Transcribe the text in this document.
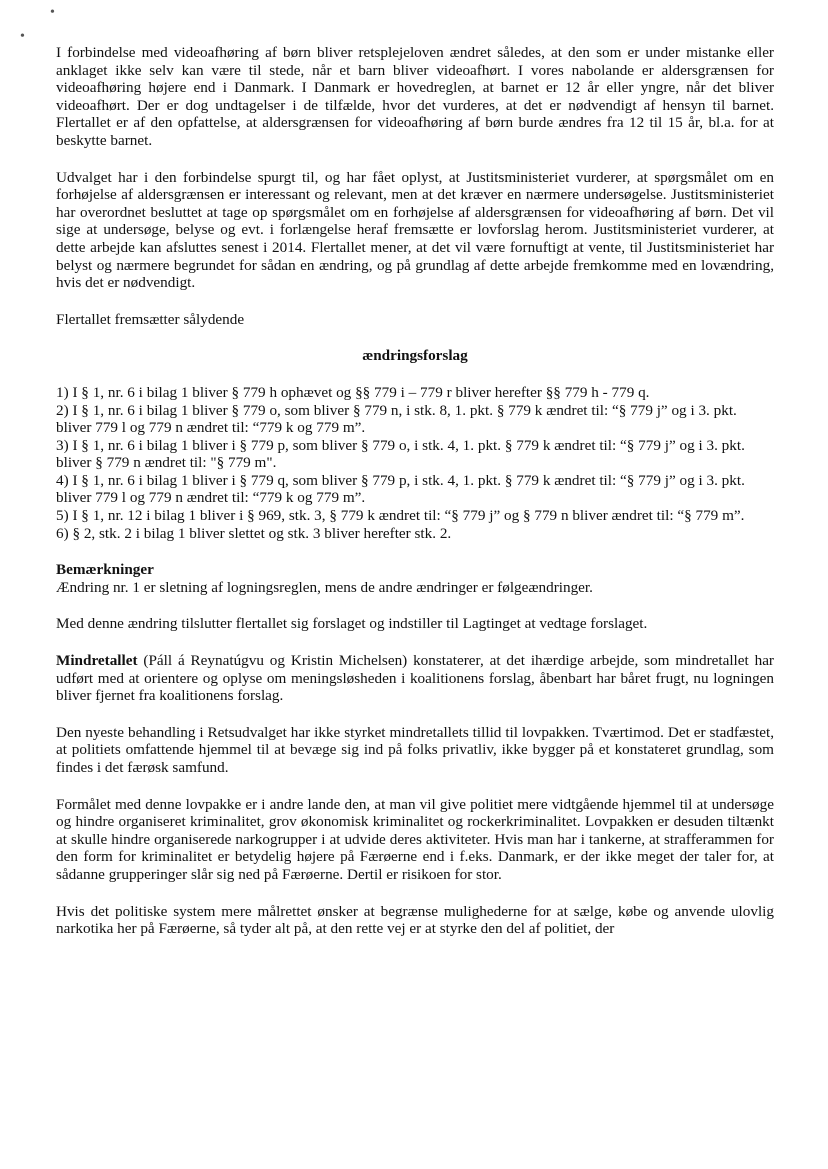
•
•

I forbindelse med videoafhøring af børn bliver retsplejeloven ændret således, at den som er under mistanke eller anklaget ikke selv kan være til stede, når et barn bliver videoafhørt. I vores nabolande er aldersgrænsen for videoafhøring højere end i Danmark. I Danmark er hovedreglen, at barnet er 12 år eller yngre, når det bliver videoafhørt. Der er dog undtagelser i de tilfælde, hvor det vurderes, at det er nødvendigt af hensyn til barnet. Flertallet er af den opfattelse, at aldersgrænsen for videoafhøring af børn burde ændres fra 12 til 15 år, bl.a. for at beskytte barnet.

Udvalget har i den forbindelse spurgt til, og har fået oplyst, at Justitsministeriet vurderer, at spørgsmålet om en forhøjelse af aldersgrænsen er interessant og relevant, men at det kræver en nærmere undersøgelse. Justitsministeriet har overordnet besluttet at tage op spørgsmålet om en forhøjelse af aldersgrænsen for videoafhøring af børn. Det vil sige at undersøge, belyse og evt. i forlængelse heraf fremsætte er lovforslag herom. Justitsministeriet vurderer, at dette arbejde kan afsluttes senest i 2014. Flertallet mener, at det vil være fornuftigt at vente, til Justitsministeriet har belyst og nærmere begrundet for sådan en ændring, og på grundlag af dette arbejde fremkomme med en lovændring, hvis det er nødvendigt.

Flertallet fremsætter sålydende

ændringsforslag

1) I § 1, nr. 6 i bilag 1 bliver § 779 h ophævet og §§ 779 i – 779 r bliver herefter §§ 779 h - 779 q.
2) I § 1, nr. 6 i bilag 1 bliver § 779 o, som bliver § 779 n, i stk. 8, 1. pkt. § 779 k ændret til: “§ 779 j” og i 3. pkt. bliver 779 l og 779 n ændret til: “779 k og 779 m”.
3) I § 1, nr. 6 i bilag 1 bliver i § 779 p, som bliver § 779 o, i stk. 4, 1. pkt. § 779 k ændret til: “§ 779 j” og i 3. pkt. bliver § 779 n ændret til: "§ 779 m".
4) I § 1, nr. 6 i bilag 1 bliver i § 779 q, som bliver § 779 p, i stk. 4, 1. pkt. § 779 k ændret til: “§ 779 j” og i 3. pkt. bliver 779 l og 779 n ændret til: “779 k og 779 m”.
5) I § 1, nr. 12 i bilag 1 bliver i § 969, stk. 3, § 779 k ændret til: “§ 779 j” og § 779 n bliver ændret til: “§ 779 m”.
6) § 2, stk. 2 i bilag 1 bliver slettet og stk. 3 bliver herefter stk. 2.

Bemærkninger

Ændring nr. 1 er sletning af logningsreglen, mens de andre ændringer er følgeændringer.

Med denne ændring tilslutter flertallet sig forslaget og indstiller til Lagtinget at vedtage forslaget.

Mindretallet (Páll á Reynatúgvu og Kristin Michelsen) konstaterer, at det ihærdige arbejde, som mindretallet har udført med at orientere og oplyse om meningsløsheden i koalitionens forslag, åbenbart har båret frugt, nu logningen bliver fjernet fra koalitionens forslag.

Den nyeste behandling i Retsudvalget har ikke styrket mindretallets tillid til lovpakken. Tværtimod. Det er stadfæstet, at politiets omfattende hjemmel til at bevæge sig ind på folks privatliv, ikke bygger på et konstateret grundlag, som findes i det færøsk samfund.

Formålet med denne lovpakke er i andre lande den, at man vil give politiet mere vidtgående hjemmel til at undersøge og hindre organiseret kriminalitet, grov økonomisk kriminalitet og rockerkriminalitet. Lovpakken er desuden tiltænkt at skulle hindre organiserede narkogrupper i at udvide deres aktiviteter. Hvis man har i tankerne, at strafferammen for den form for kriminalitet er betydelig højere på Færøerne end i f.eks. Danmark, er der ikke meget der taler for, at sådanne grupperinger slår sig ned på Færøerne. Dertil er risikoen for stor.

Hvis det politiske system mere målrettet ønsker at begrænse mulighederne for at sælge, købe og anvende ulovlig narkotika her på Færøerne, så tyder alt på, at den rette vej er at styrke den del af politiet, der
